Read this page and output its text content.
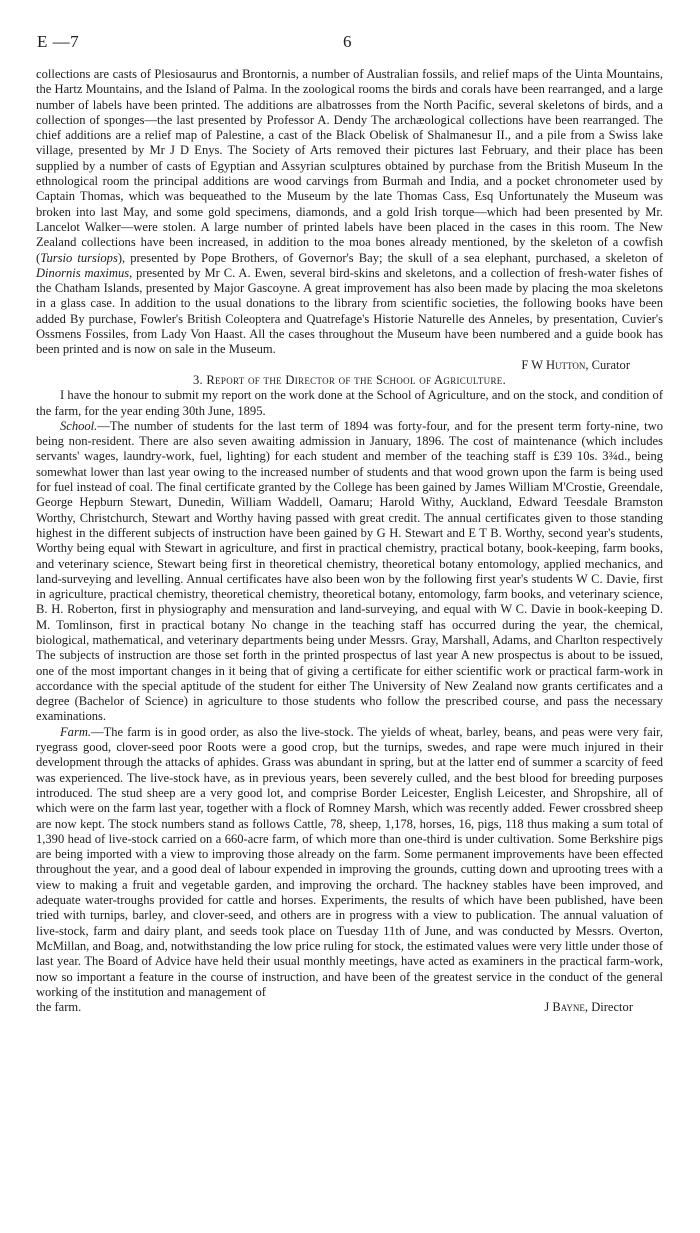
E —7	6

collections are casts of Plesiosaurus and Brontornis, a number of Australian fossils, and relief maps of the Uinta Mountains, the Hartz Mountains, and the Island of Palma. In the zoological rooms the birds and corals have been rearranged, and a large number of labels have been printed. The additions are albatrosses from the North Pacific, several skeletons of birds, and a collection of sponges—the last presented by Professor A. Dendy The archæological collections have been rearranged. The chief additions are a relief map of Palestine, a cast of the Black Obelisk of Shalmanesur II., and a pile from a Swiss lake village, presented by Mr J D Enys. The Society of Arts removed their pictures last February, and their place has been supplied by a number of casts of Egyptian and Assyrian sculptures obtained by purchase from the British Museum In the ethnological room the principal additions are wood carvings from Burmah and India, and a pocket chronometer used by Captain Thomas, which was bequeathed to the Museum by the late Thomas Cass, Esq Unfortunately the Museum was broken into last May, and some gold specimens, diamonds, and a gold Irish torque—which had been presented by Mr. Lancelot Walker—were stolen. A large number of printed labels have been placed in the cases in this room. The New Zealand collections have been increased, in addition to the moa bones already mentioned, by the skeleton of a cowfish (Tursio tursiops), presented by Pope Brothers, of Governor's Bay; the skull of a sea elephant, purchased, a skeleton of Dinornis maximus, presented by Mr C. A. Ewen, several bird-skins and skeletons, and a collection of fresh-water fishes of the Chatham Islands, presented by Major Gascoyne. A great improvement has also been made by placing the moa skeletons in a glass case. In addition to the usual donations to the library from scientific societies, the following books have been added By purchase, Fowler's British Coleoptera and Quatrefage's Historie Naturelle des Anneles, by presentation, Cuvier's Ossmens Fossiles, from Lady Von Haast. All the cases throughout the Museum have been numbered and a guide book has been printed and is now on sale in the Museum.

F W Hutton, Curator

3. Report of the Director of the School of Agriculture.

I have the honour to submit my report on the work done at the School of Agriculture, and on the stock, and condition of the farm, for the year ending 30th June, 1895.

School.—The number of students for the last term of 1894 was forty-four, and for the present term forty-nine, two being non-resident. There are also seven awaiting admission in January, 1896. The cost of maintenance (which includes servants' wages, laundry-work, fuel, lighting) for each student and member of the teaching staff is £39 10s. 3¾d., being somewhat lower than last year owing to the increased number of students and that wood grown upon the farm is being used for fuel instead of coal. The final certificate granted by the College has been gained by James William M'Crostie, Greendale, George Hepburn Stewart, Dunedin, William Waddell, Oamaru; Harold Withy, Auckland, Edward Teesdale Bramston Worthy, Christchurch, Stewart and Worthy having passed with great credit. The annual certificates given to those standing highest in the different subjects of instruction have been gained by G H. Stewart and E T B. Worthy, second year's students, Worthy being equal with Stewart in agriculture, and first in practical chemistry, practical botany, book-keeping, farm books, and veterinary science, Stewart being first in theoretical chemistry, theoretical botany entomology, applied mechanics, and land-surveying and levelling. Annual certificates have also been won by the following first year's students W C. Davie, first in agriculture, practical chemistry, theoretical chemistry, theoretical botany, entomology, farm books, and veterinary science, B. H. Roberton, first in physiography and mensuration and land-surveying, and equal with W C. Davie in book-keeping D. M. Tomlinson, first in practical botany No change in the teaching staff has occurred during the year, the chemical, biological, mathematical, and veterinary departments being under Messrs. Gray, Marshall, Adams, and Charlton respectively The subjects of instruction are those set forth in the printed prospectus of last year A new prospectus is about to be issued, one of the most important changes in it being that of giving a certificate for either scientific work or practical farm-work in accordance with the special aptitude of the student for either The University of New Zealand now grants certificates and a degree (Bachelor of Science) in agriculture to those students who follow the prescribed course, and pass the necessary examinations.

Farm.—The farm is in good order, as also the live-stock. The yields of wheat, barley, beans, and peas were very fair, ryegrass good, clover-seed poor Roots were a good crop, but the turnips, swedes, and rape were much injured in their development through the attacks of aphides. Grass was abundant in spring, but at the latter end of summer a scarcity of feed was experienced. The live-stock have, as in previous years, been severely culled, and the best blood for breeding purposes introduced. The stud sheep are a very good lot, and comprise Border Leicester, English Leicester, and Shropshire, all of which were on the farm last year, together with a flock of Romney Marsh, which was recently added. Fewer crossbred sheep are now kept. The stock numbers stand as follows Cattle, 78, sheep, 1,178, horses, 16, pigs, 118 thus making a sum total of 1,390 head of live-stock carried on a 660-acre farm, of which more than one-third is under cultivation. Some Berkshire pigs are being imported with a view to improving those already on the farm. Some permanent improvements have been effected throughout the year, and a good deal of labour expended in improving the grounds, cutting down and uprooting trees with a view to making a fruit and vegetable garden, and improving the orchard. The hackney stables have been improved, and adequate water-troughs provided for cattle and horses. Experiments, the results of which have been published, have been tried with turnips, barley, and clover-seed, and others are in progress with a view to publication. The annual valuation of live-stock, farm and dairy plant, and seeds took place on Tuesday 11th of June, and was conducted by Messrs. Overton, McMillan, and Boag, and, notwithstanding the low price ruling for stock, the estimated values were very little under those of last year. The Board of Advice have held their usual monthly meetings, have acted as examiners in the practical farm-work, now so important a feature in the course of instruction, and have been of the greatest service in the conduct of the general working of the institution and management of

the farm.	J Bayne, Director
